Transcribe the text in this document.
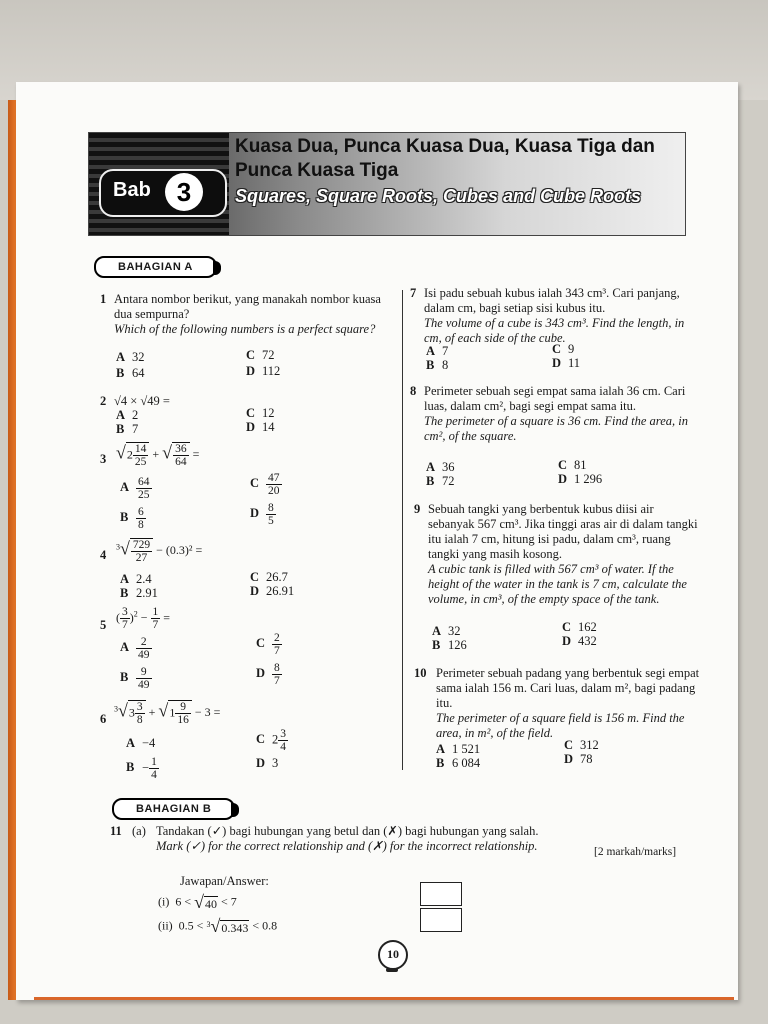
Bab 3
Kuasa Dua, Punca Kuasa Dua, Kuasa Tiga dan Punca Kuasa Tiga
Squares, Square Roots, Cubes and Cube Roots
BAHAGIAN A
1 Antara nombor berikut, yang manakah nombor kuasa dua sempurna?
Which of the following numbers is a perfect square?
A 32
B 64
C 72
D 112
2 √4 × √49 =
A 2
B 7
C 12
D 14
3 $√2 \frac{14}{25}$ + √ $\frac{36}{64}$ =
A $\frac{64}{25}$
B $\frac{6}{8}$
C $\frac{47}{20}$
D $\frac{8}{5}$
4
$^3√ \frac{729}{27} - (0.3)^2$ =
A 2.4
B 2.91
C 26.7
D 26.91
5
( $\frac{3}{7} )^2 - \frac{1}{7}$ =
A $\frac{2}{49}$
B $\frac{9}{49}$
C $\frac{2}{7}$
D $\frac{8}{7}$
6
$^3√3 \frac{3}{8} + √1 \frac{9}{16} - 3$ =
A −4
$B - \frac{1}{4}$
C $2 \frac{3}{4}$
D 3
7 Isi padu sebuah kubus ialah 343 cm³. Cari panjang, dalam cm, bagi setiap sisi kubus itu.
The volume of a cube is 343 cm³. Find the length, in cm, of each side of the cube.
A 7
B 8
C 9
D 11
8 Perimeter sebuah segi empat sama ialah 36 cm. Cari luas, dalam cm², bagi segi empat sama itu.
The perimeter of a square is 36 cm. Find the area, in cm², of the square.
A 36
B 72
C 81
D 1 296
9 Sebuah tangki yang berbentuk kubus diisi air sebanyak 567 cm³. Jika tinggi aras air di dalam tangki itu ialah 7 cm, hitung isi padu, dalam cm³, ruang tangki yang masih kosong.
A cubic tank is filled with 567 cm³ of water. If the height of the water in the tank is 7 cm, calculate the volume, in cm³, of the empty space of the tank.
A 32
B 126
C 162
D 432
10 Perimeter sebuah padang yang berbentuk segi empat sama ialah 156 m. Cari luas, dalam m², bagi padang itu.
The perimeter of a square field is 156 m. Find the area, in m², of the field.
A 1 521
B 6 084
C 312
D 78
BAHAGIAN B
11 (a) Tandakan (✓) bagi hubungan yang betul dan (✗) bagi hubungan yang salah.
Mark (✓) for the correct relationship and (✗) for the incorrect relationship.	[2 markah/marks]
Jawapan/Answer:
(i)  6 < √40 < 7
(ii)  0.5 < $^3$√0.343 < 0.8
10
